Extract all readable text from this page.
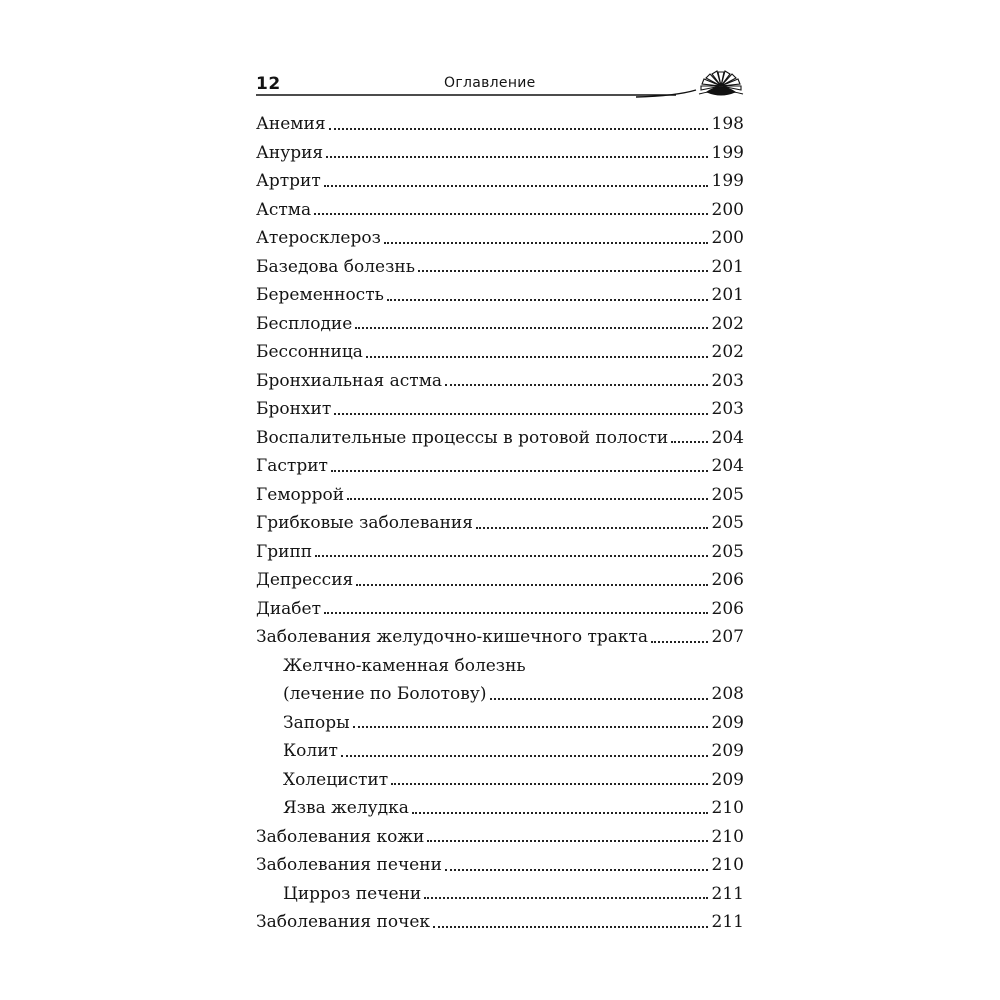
12	Оглавление
Анемия	198
Анурия	199
Артрит	199
Астма	200
Атеросклероз	200
Базедова болезнь	201
Беременность	201
Бесплодие	202
Бессонница	202
Бронхиальная астма	203
Бронхит	203
Воспалительные процессы в ротовой полости	204
Гастрит	204
Геморрой	205
Грибковые заболевания	205
Грипп	205
Депрессия	206
Диабет	206
Заболевания желудочно-кишечного тракта	207
Желчно-каменная болезнь
(лечение по Болотову)	208
Запоры	209
Колит	209
Холецистит	209
Язва желудка	210
Заболевания кожи	210
Заболевания печени	210
Цирроз печени	211
Заболевания почек	211
